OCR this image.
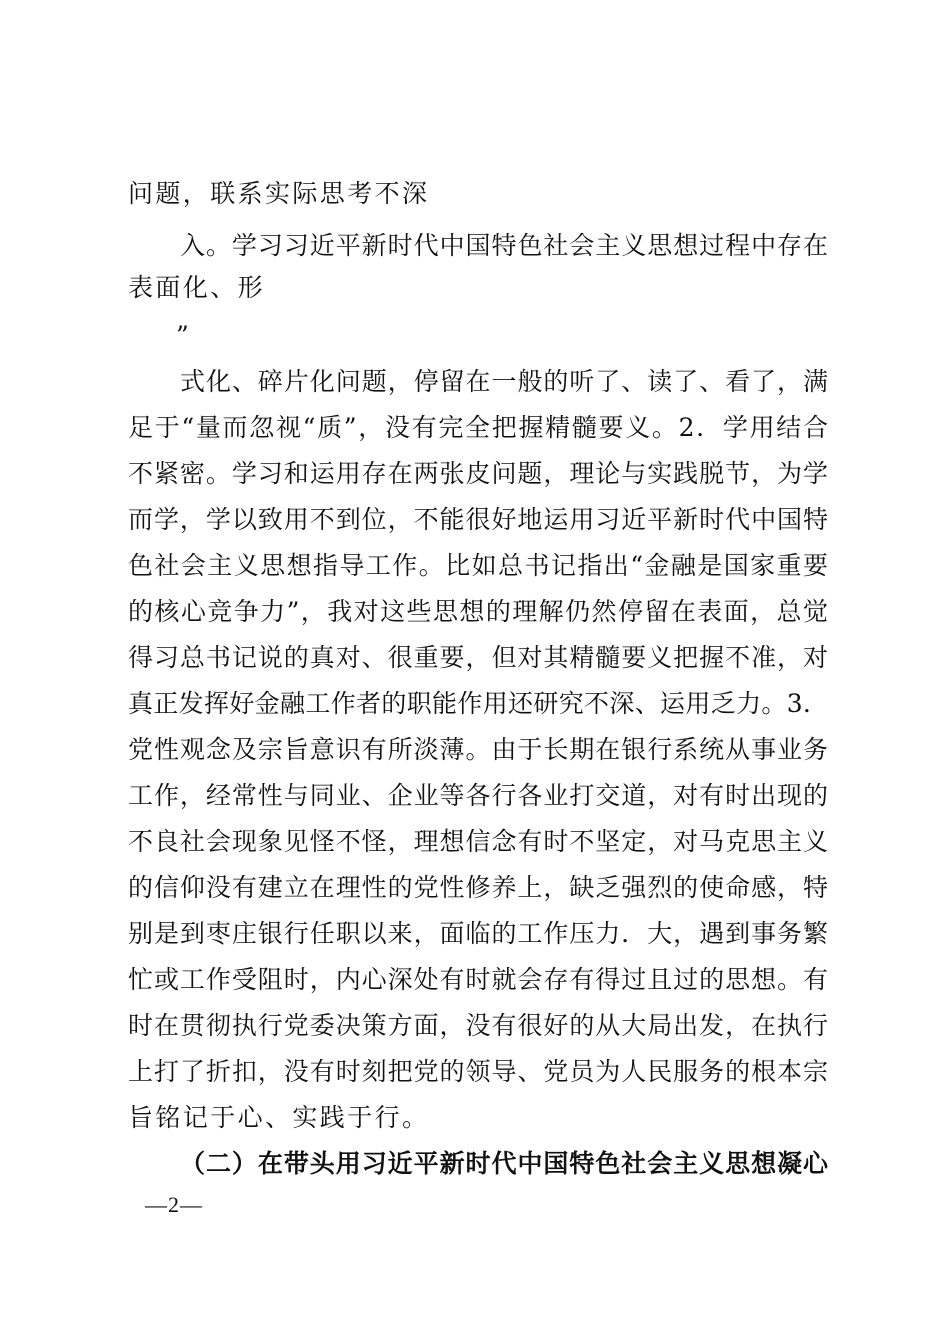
问题，联系实际思考不深
入。学习习近平新时代中国特色社会主义思想过程中存在
表面化、形
”
式化、碎片化问题，停留在一般的听了、读了、看了，满
足于“量而忽视“质”，没有完全把握精髓要义。2．学用结合
不紧密。学习和运用存在两张皮问题，理论与实践脱节，为学
而学，学以致用不到位，不能很好地运用习近平新时代中国特
色社会主义思想指导工作。比如总书记指出“金融是国家重要
的核心竞争力”，我对这些思想的理解仍然停留在表面，总觉
得习总书记说的真对、很重要，但对其精髓要义把握不准，对
真正发挥好金融工作者的职能作用还研究不深、运用乏力。3．
党性观念及宗旨意识有所淡薄。由于长期在银行系统从事业务
工作，经常性与同业、企业等各行各业打交道，对有时出现的
不良社会现象见怪不怪，理想信念有时不坚定，对马克思主义
的信仰没有建立在理性的党性修养上，缺乏强烈的使命感，特
别是到枣庄银行任职以来，面临的工作压力．大，遇到事务繁
忙或工作受阻时，内心深处有时就会存有得过且过的思想。有
时在贯彻执行党委决策方面，没有很好的从大局出发，在执行
上打了折扣，没有时刻把党的领导、党员为人民服务的根本宗
旨铭记于心、实践于行。
（二）在带头用习近平新时代中国特色社会主义思想凝心
—2—
